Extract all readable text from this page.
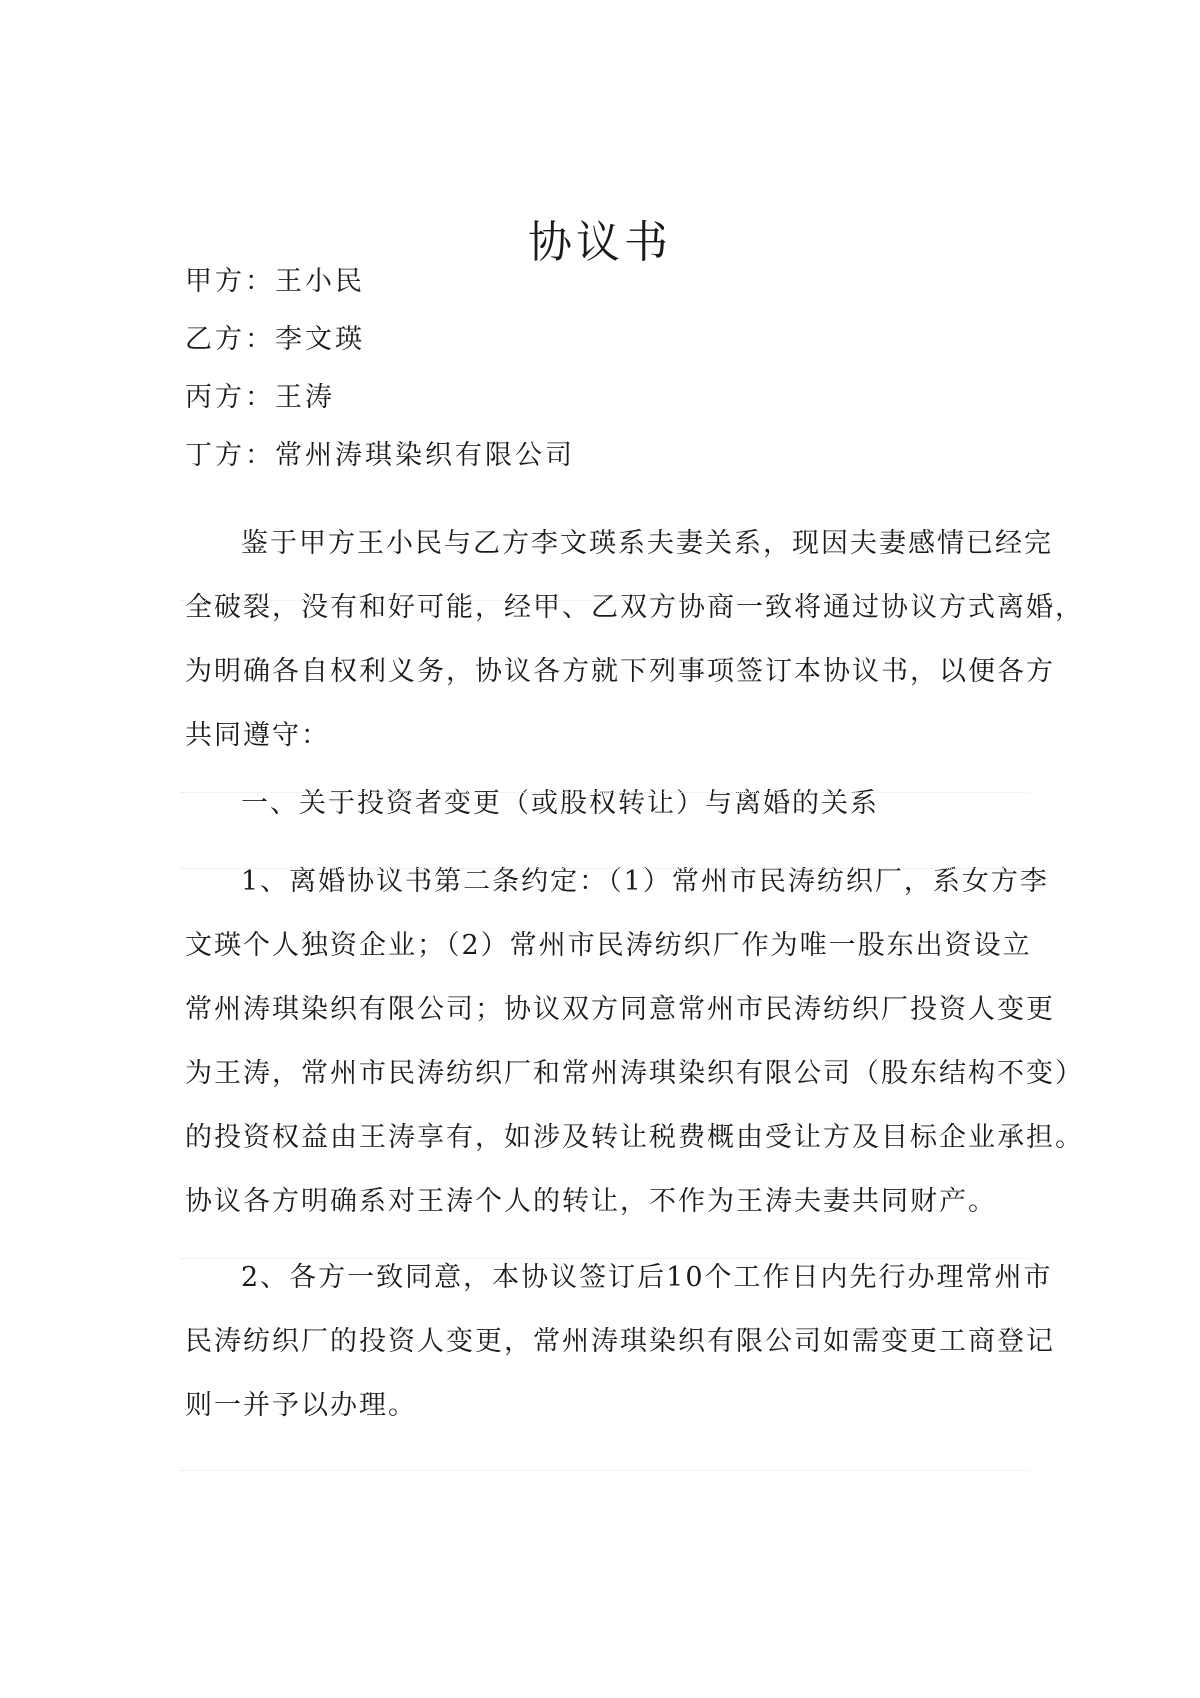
协议书
甲方：王小民
乙方：李文瑛
丙方：王涛
丁方：常州涛琪染织有限公司
鉴于甲方王小民与乙方李文瑛系夫妻关系，现因夫妻感情已经完
全破裂，没有和好可能，经甲、乙双方协商一致将通过协议方式离婚，
为明确各自权利义务，协议各方就下列事项签订本协议书，以便各方
共同遵守：
一、关于投资者变更（或股权转让）与离婚的关系
1、离婚协议书第二条约定：（1）常州市民涛纺织厂，系女方李
文瑛个人独资企业；（2）常州市民涛纺织厂作为唯一股东出资设立
常州涛琪染织有限公司；协议双方同意常州市民涛纺织厂投资人变更
为王涛，常州市民涛纺织厂和常州涛琪染织有限公司（股东结构不变）
的投资权益由王涛享有，如涉及转让税费概由受让方及目标企业承担。
协议各方明确系对王涛个人的转让，不作为王涛夫妻共同财产。
2、各方一致同意，本协议签订后10个工作日内先行办理常州市
民涛纺织厂的投资人变更，常州涛琪染织有限公司如需变更工商登记
则一并予以办理。
